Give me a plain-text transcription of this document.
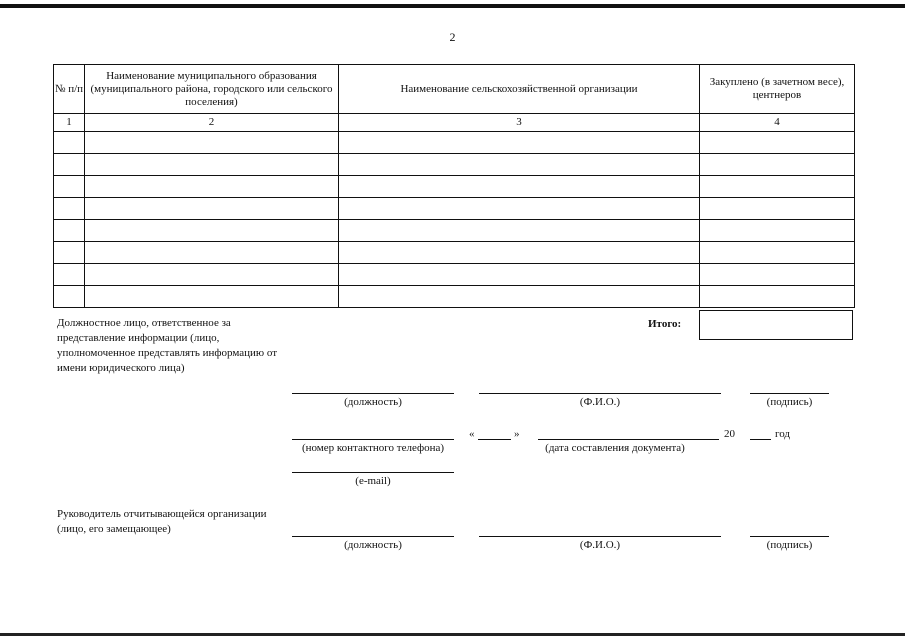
2
№ п/п	Наименование муниципального образования (муниципального района, городского или сельского поселения)	Наименование сельскохозяйственной организации	Закуплено (в зачетном весе), центнеров
1	2	3	4

Итого:
Должностное лицо, ответственное за представление информации (лицо, уполномоченное представлять информацию от имени юридического лица)
(должность)	(Ф.И.О.)	(подпись)
(номер контактного телефона)
«	»	20	год
(дата составления документа)
(e-mail)
Руководитель отчитывающейся организации (лицо, его замещающее)
(должность)	(Ф.И.О.)	(подпись)
